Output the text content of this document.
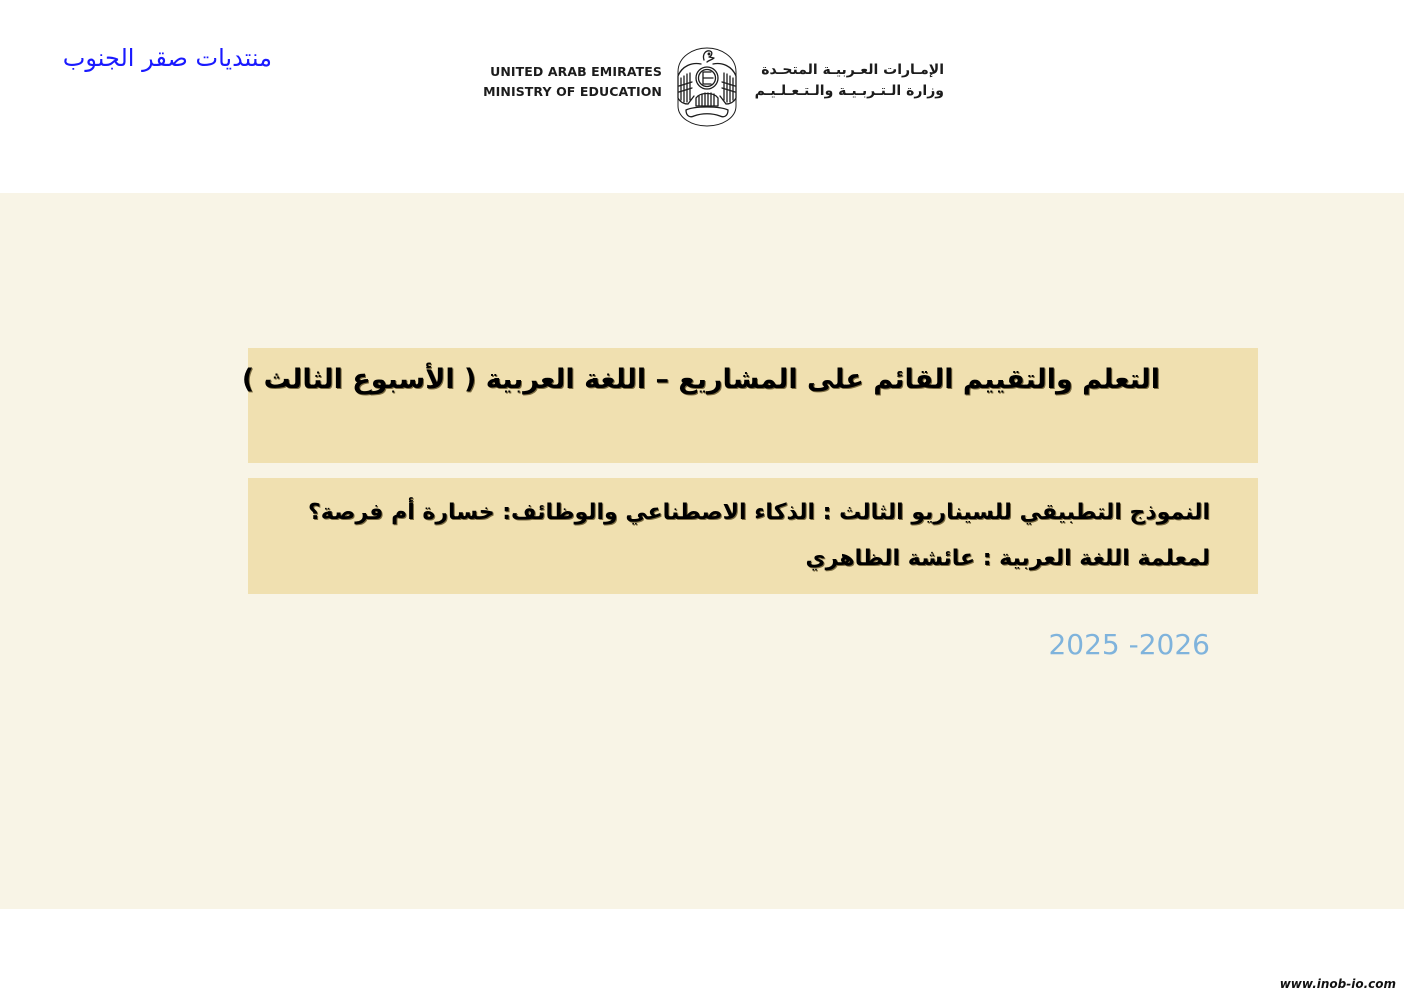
منتديات صقر الجنوب	UNITED ARAB EMIRATES
MINISTRY OF EDUCATION
الإمـارات العـربيـة المتحـدة
وزارة الـتـربـيـة والـتـعـلـيـم
التعلم والتقييم القائم على المشاريع – اللغة العربية ( الأسبوع الثالث )
النموذج التطبيقي للسيناريو الثالث : الذكاء الاصطناعي والوظائف: خسارة أم فرصة؟
لمعلمة اللغة العربية : عائشة الظاهري
2025 -2026
www.inob-io.com
